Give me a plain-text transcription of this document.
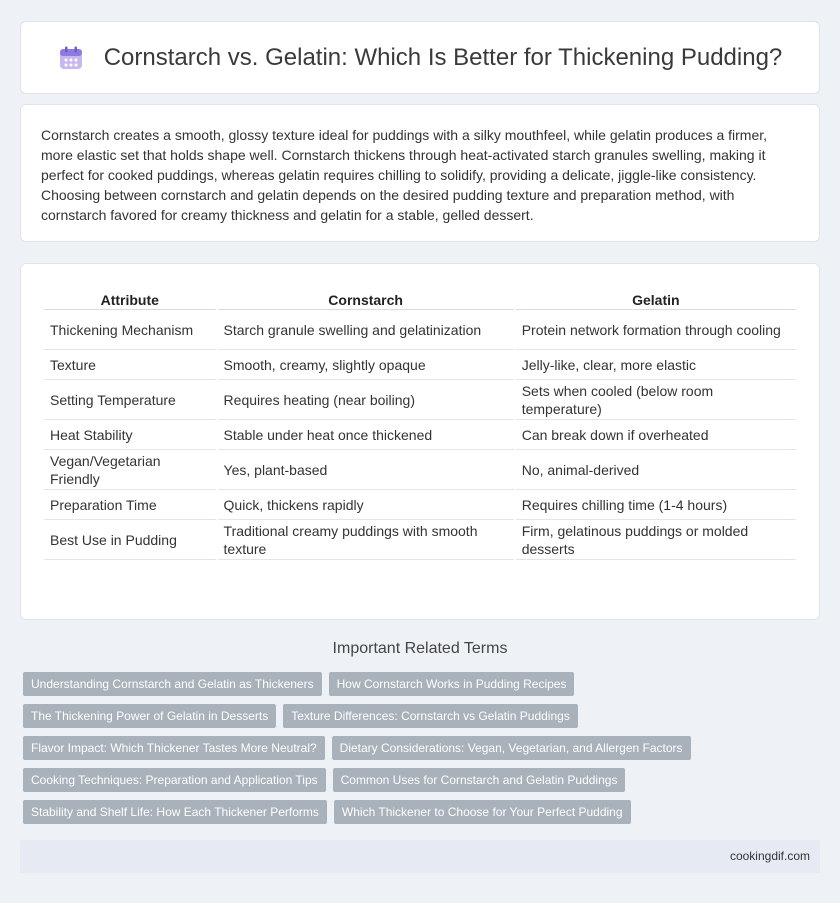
Cornstarch vs. Gelatin: Which Is Better for Thickening Pudding?

Cornstarch creates a smooth, glossy texture ideal for puddings with a silky mouthfeel, while gelatin produces a firmer, more elastic set that holds shape well. Cornstarch thickens through heat-activated starch granules swelling, making it perfect for cooked puddings, whereas gelatin requires chilling to solidify, providing a delicate, jiggle-like consistency. Choosing between cornstarch and gelatin depends on the desired pudding texture and preparation method, with cornstarch favored for creamy thickness and gelatin for a stable, gelled dessert.

Attribute	Cornstarch	Gelatin
Thickening Mechanism	Starch granule swelling and gelatinization	Protein network formation through cooling
Texture	Smooth, creamy, slightly opaque	Jelly-like, clear, more elastic
Setting Temperature	Requires heating (near boiling)	Sets when cooled (below room temperature)
Heat Stability	Stable under heat once thickened	Can break down if overheated
Vegan/Vegetarian Friendly	Yes, plant-based	No, animal-derived
Preparation Time	Quick, thickens rapidly	Requires chilling time (1-4 hours)
Best Use in Pudding	Traditional creamy puddings with smooth texture	Firm, gelatinous puddings or molded desserts
Important Related Terms
Understanding Cornstarch and Gelatin as Thickeners	How Cornstarch Works in Pudding Recipes
The Thickening Power of Gelatin in Desserts	Texture Differences: Cornstarch vs Gelatin Puddings
Flavor Impact: Which Thickener Tastes More Neutral?	Dietary Considerations: Vegan, Vegetarian, and Allergen Factors
Cooking Techniques: Preparation and Application Tips	Common Uses for Cornstarch and Gelatin Puddings
Stability and Shelf Life: How Each Thickener Performs	Which Thickener to Choose for Your Perfect Pudding
cookingdif.com
